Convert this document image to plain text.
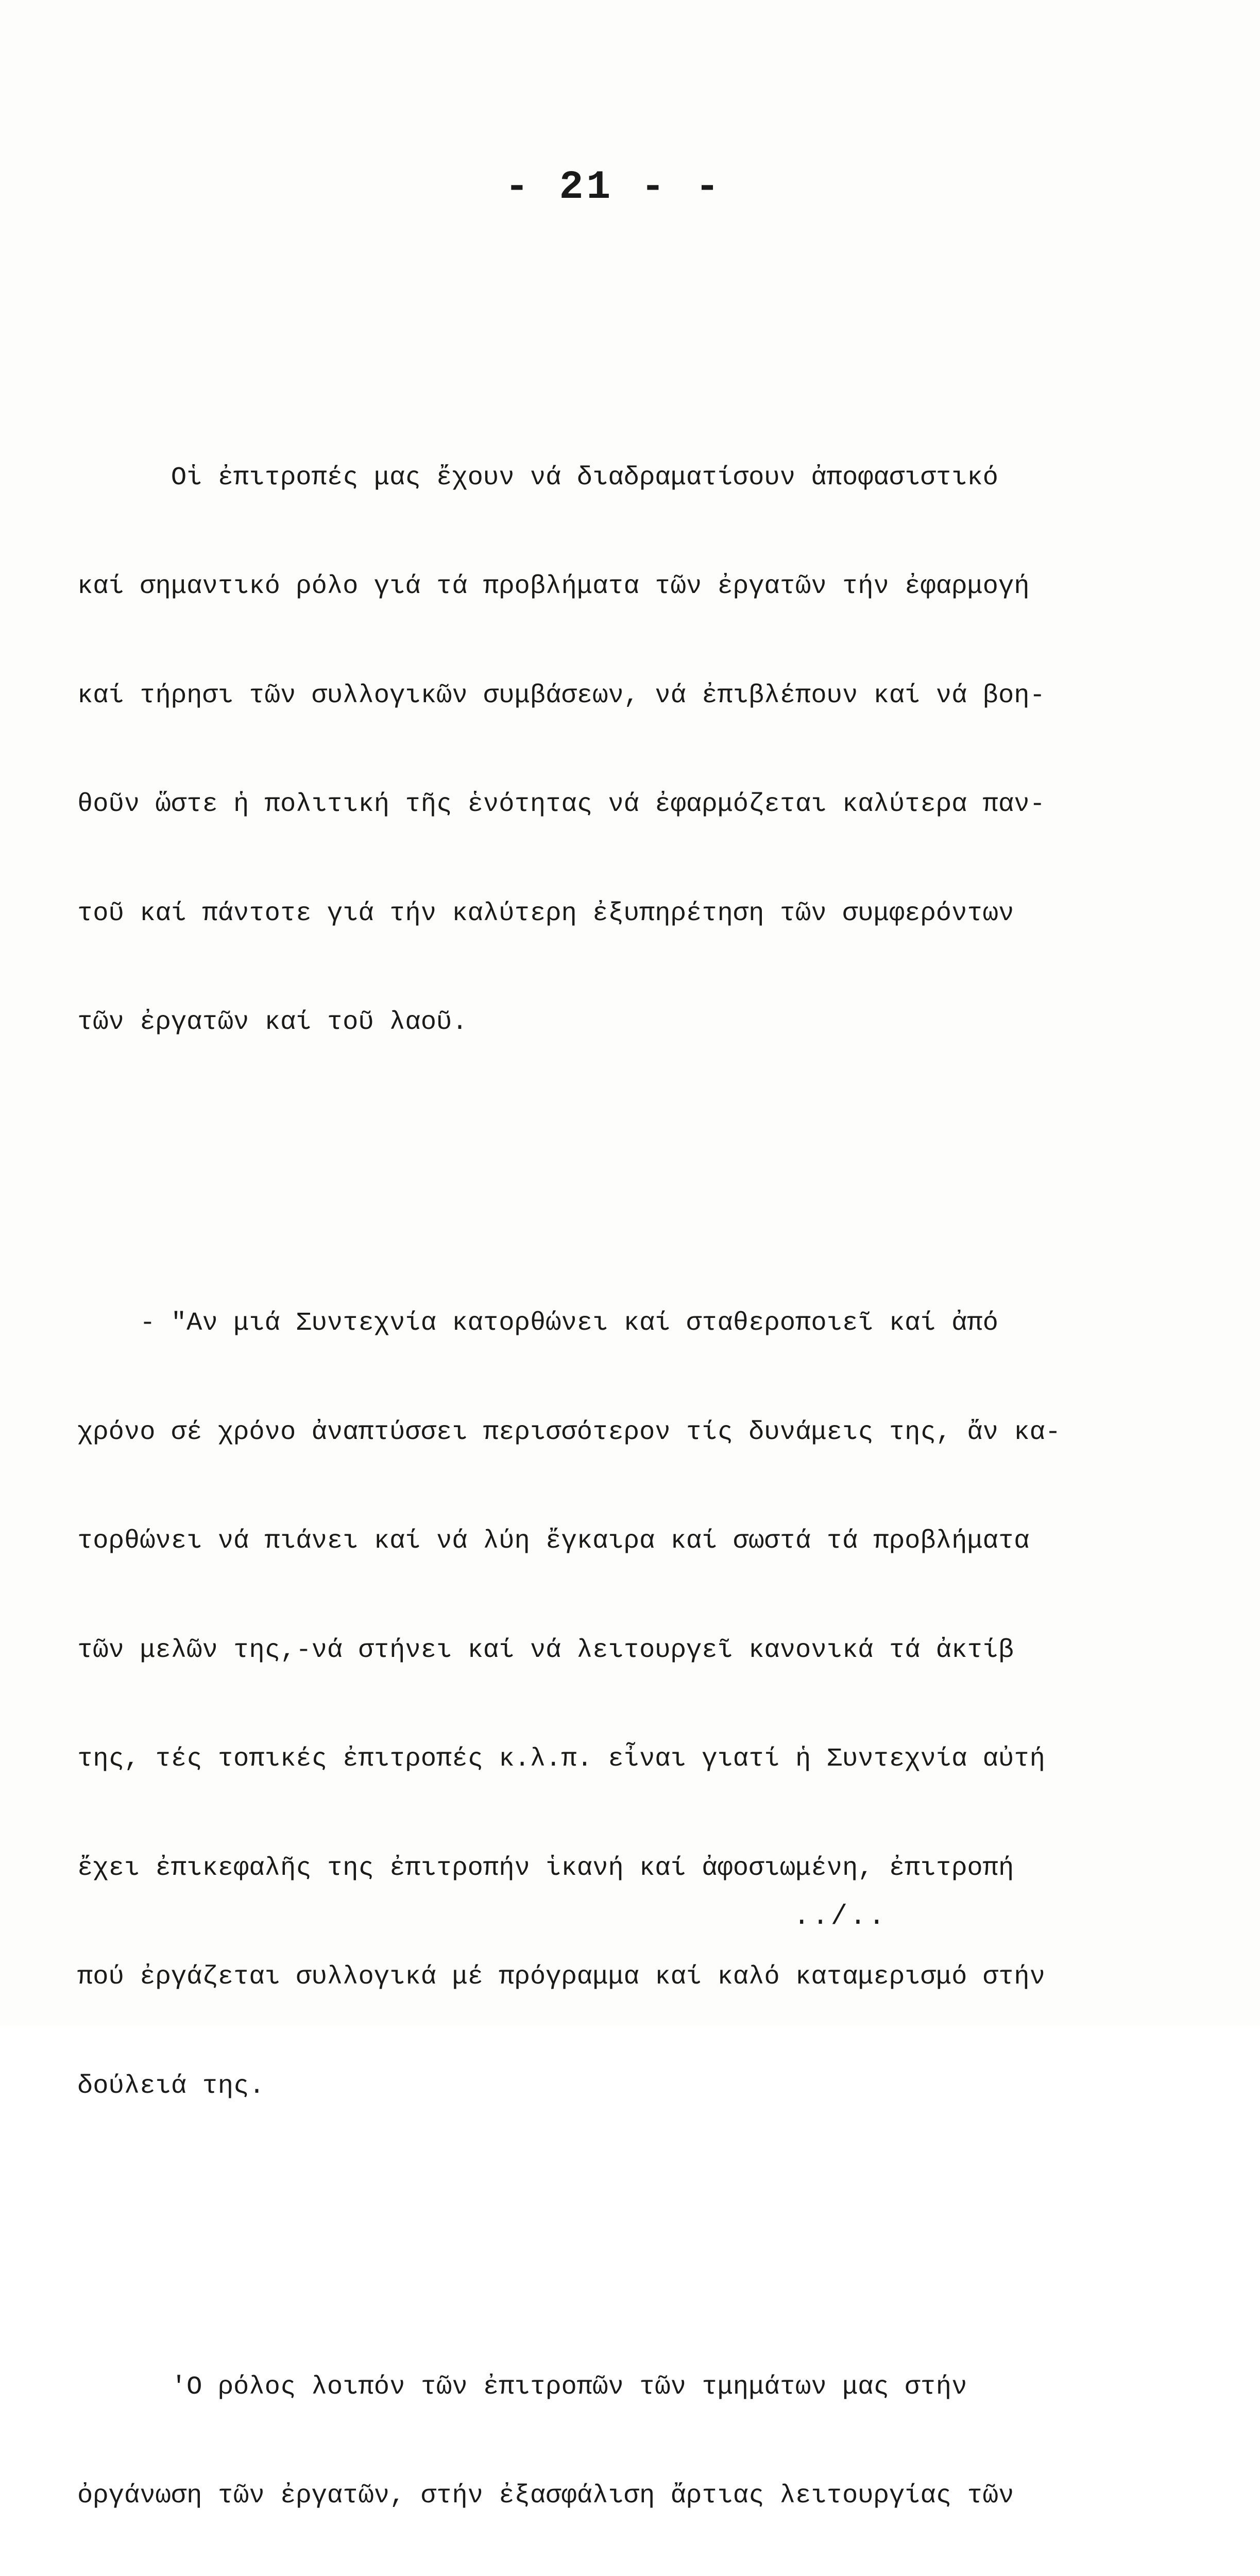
- 21 - -

Οἱ ἐπιτροπές μας ἔχουν νά διαδραματίσουν ἀποφασιστικό

καί σημαντικό ρόλο γιά τά προβλήματα τῶν ἐργατῶν τήν ἐφαρμογή

καί τήρησι τῶν συλλογικῶν συμβάσεων, νά ἐπιβλέπουν καί νά βοη-

θοῦν ὥστε ἡ πολιτική τῆς ἑνότητας νά ἐφαρμόζεται καλύτερα παν-

τοῦ καί πάντοτε γιά τήν καλύτερη ἐξυπηρέτηση τῶν συμφερόντων

τῶν ἐργατῶν καί τοῦ λαοῦ.

- "Αν μιά Συντεχνία κατορθώνει καί σταθεροποιεῖ καί ἀπό

χρόνο σέ χρόνο ἀναπτύσσει περισσότερον τίς δυνάμεις της, ἄν κα-

τορθώνει νά πιάνει καί νά λύη ἔγκαιρα καί σωστά τά προβλήματα

τῶν μελῶν της,-νά στήνει καί νά λειτουργεῖ κανονικά τά ἀκτίβ

της, τές τοπικές ἐπιτροπές κ.λ.π. εἶναι γιατί ἡ Συντεχνία αὐτή

ἔχει ἐπικεφαλῆς της ἐπιτροπήν ἱκανή καί ἀφοσιωμένη, ἐπιτροπή

πού ἐργάζεται συλλογικά μέ πρόγραμμα καί καλό καταμερισμό στήν

δούλειά της.

'Ο ρόλος λοιπόν τῶν ἐπιτροπῶν τῶν τμημάτων μας στήν

ὀργάνωση τῶν ἐργατῶν, στήν ἐξασφάλιση ἄρτιας λειτουργίας τῶν

../..
